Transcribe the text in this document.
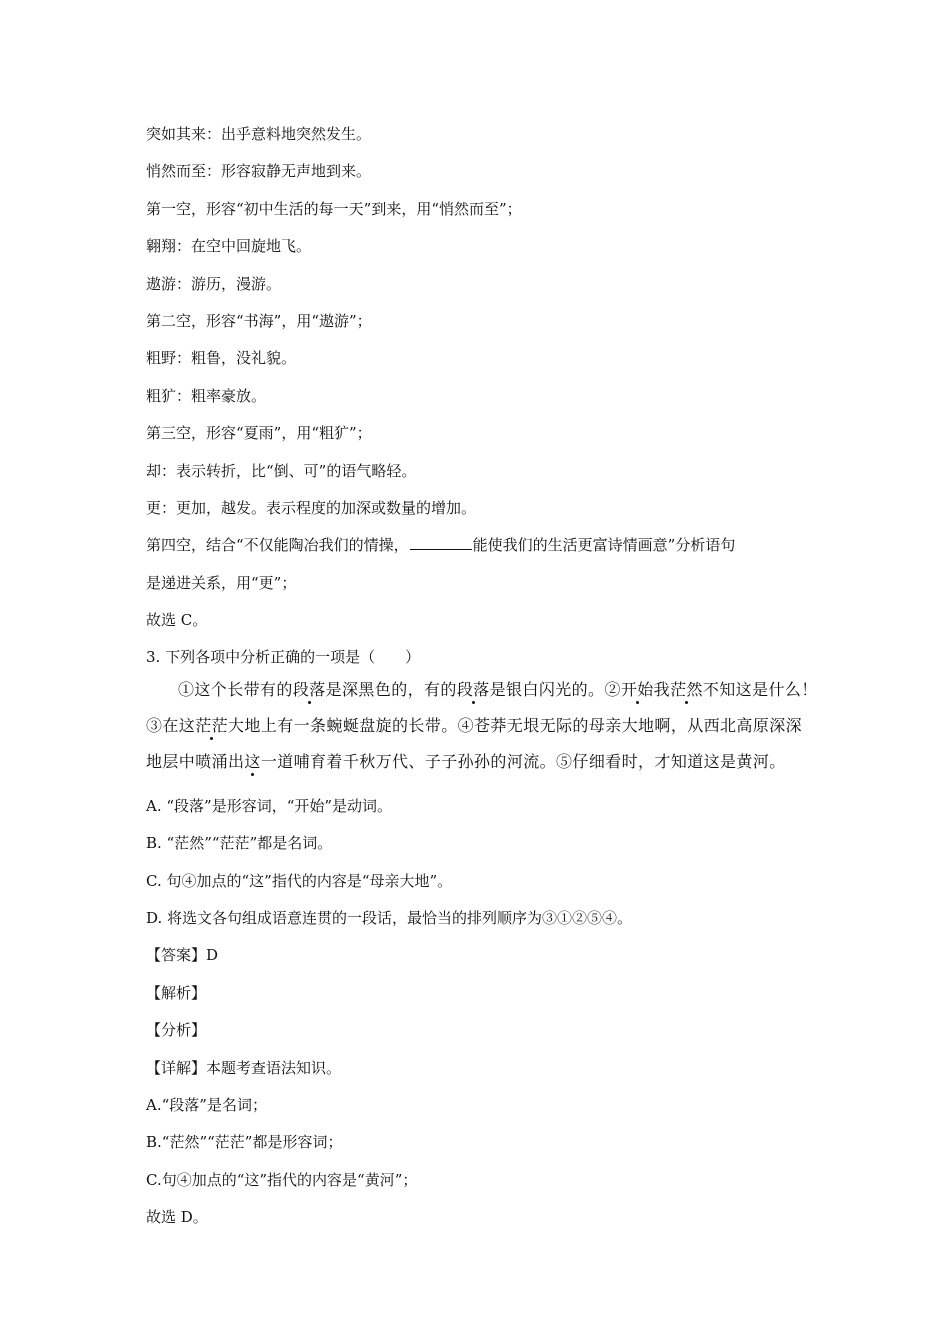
突如其来：出乎意料地突然发生。
悄然而至：形容寂静无声地到来。
第一空，形容“初中生活的每一天”到来，用“悄然而至”；
翱翔：在空中回旋地飞。
遨游：游历，漫游。
第二空，形容“书海”，用“遨游”；
粗野：粗鲁，没礼貌。
粗犷：粗率豪放。
第三空，形容“夏雨”，用“粗犷”；
却：表示转折，比“倒、可”的语气略轻。
更：更加，越发。表示程度的加深或数量的增加。
第四空，结合“不仅能陶冶我们的情操，	能使我们的生活更富诗情画意”分析语句
是递进关系，用“更”；
故选 C。
3. 下列各项中分析正确的一项是（　　）
①这个长带有的段落是深黑色的，有的段落是银白闪光的。②开始我茫然不知这是什么！
③在这茫茫大地上有一条蜿蜒盘旋的长带。④苍莽无垠无际的母亲大地啊，从西北高原深深
地层中喷涌出这一道哺育着千秋万代、子子孙孙的河流。⑤仔细看时，才知道这是黄河。
A. “段落”是形容词，“开始”是动词。
B. “茫然”“茫茫”都是名词。
C. 句④加点的“这”指代的内容是“母亲大地”。
D. 将选文各句组成语意连贯的一段话，最恰当的排列顺序为③①②⑤④。
【答案】D
【解析】
【分析】
【详解】本题考查语法知识。
A.“段落”是名词；
B.“茫然”“茫茫”都是形容词；
C.句④加点的“这”指代的内容是“黄河”；
故选 D。
